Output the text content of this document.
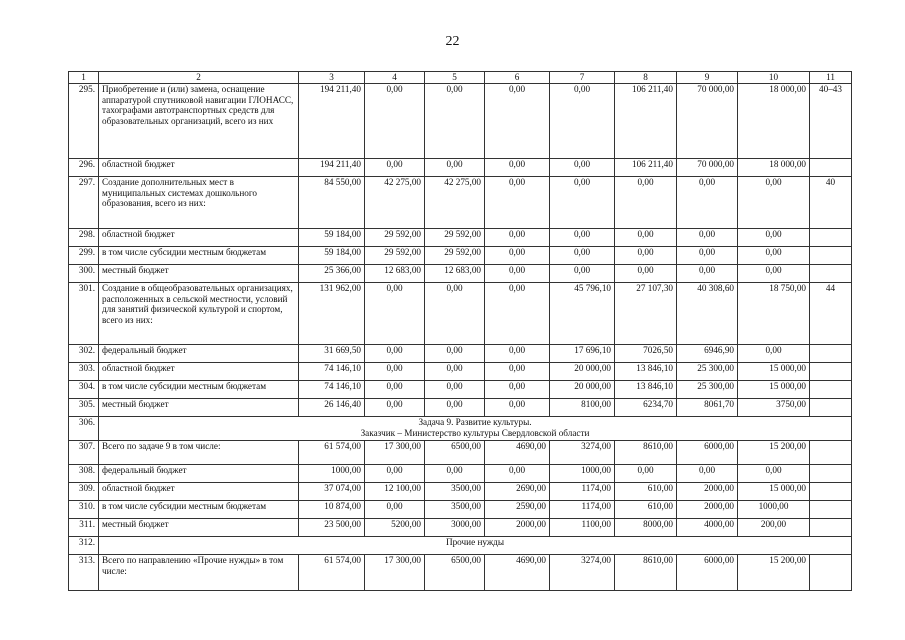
22
1	2	3	4	5	6	7	8	9	10	11
295.	Приобретение и (или) замена, оснащение аппаратурой спутниковой навигации ГЛОНАСС, тахографами автотранспортных средств для образовательных организаций, всего из них	194 211,40	0,00	0,00	0,00	0,00	106 211,40	70 000,00	18 000,00	40–43
296.	областной бюджет	194 211,40	0,00	0,00	0,00	0,00	106 211,40	70 000,00	18 000,00	
297.	Создание дополнительных мест в муниципальных системах дошкольного образования, всего из них:	84 550,00	42 275,00	42 275,00	0,00	0,00	0,00	0,00	0,00	40
298.	областной бюджет	59 184,00	29 592,00	29 592,00	0,00	0,00	0,00	0,00	0,00	
299.	в том числе субсидии местным бюджетам	59 184,00	29 592,00	29 592,00	0,00	0,00	0,00	0,00	0,00	
300.	местный бюджет	25 366,00	12 683,00	12 683,00	0,00	0,00	0,00	0,00	0,00	
301.	Создание в общеобразовательных организациях, расположенных в сельской местности, условий для занятий физической культурой и спортом, всего из них:	131 962,00	0,00	0,00	0,00	45 796,10	27 107,30	40 308,60	18 750,00	44
302.	федеральный бюджет	31 669,50	0,00	0,00	0,00	17 696,10	7026,50	6946,90	0,00	
303.	областной бюджет	74 146,10	0,00	0,00	0,00	20 000,00	13 846,10	25 300,00	15 000,00	
304.	в том числе субсидии местным бюджетам	74 146,10	0,00	0,00	0,00	20 000,00	13 846,10	25 300,00	15 000,00	
305.	местный бюджет	26 146,40	0,00	0,00	0,00	8100,00	6234,70	8061,70	3750,00	
306.	Задача 9. Развитие культуры.
Заказчик – Министерство культуры Свердловской области									

307.	Всего по задаче 9 в том числе:	61 574,00	17 300,00	6500,00	4690,00	3274,00	8610,00	6000,00	15 200,00	
308.	федеральный бюджет	1000,00	0,00	0,00	0,00	1000,00	0,00	0,00	0,00	
309.	областной бюджет	37 074,00	12 100,00	3500,00	2690,00	1174,00	610,00	2000,00	15 000,00	
310.	в том числе субсидии местным бюджетам	10 874,00	0,00	3500,00	2590,00	1174,00	610,00	2000,00	1000,00	
311.	местный бюджет	23 500,00	5200,00	3000,00	2000,00	1100,00	8000,00	4000,00	200,00	
312.	Прочие нужды									
313.	Всего по направлению «Прочие нужды» в том числе:	61 574,00	17 300,00	6500,00	4690,00	3274,00	8610,00	6000,00	15 200,00	
